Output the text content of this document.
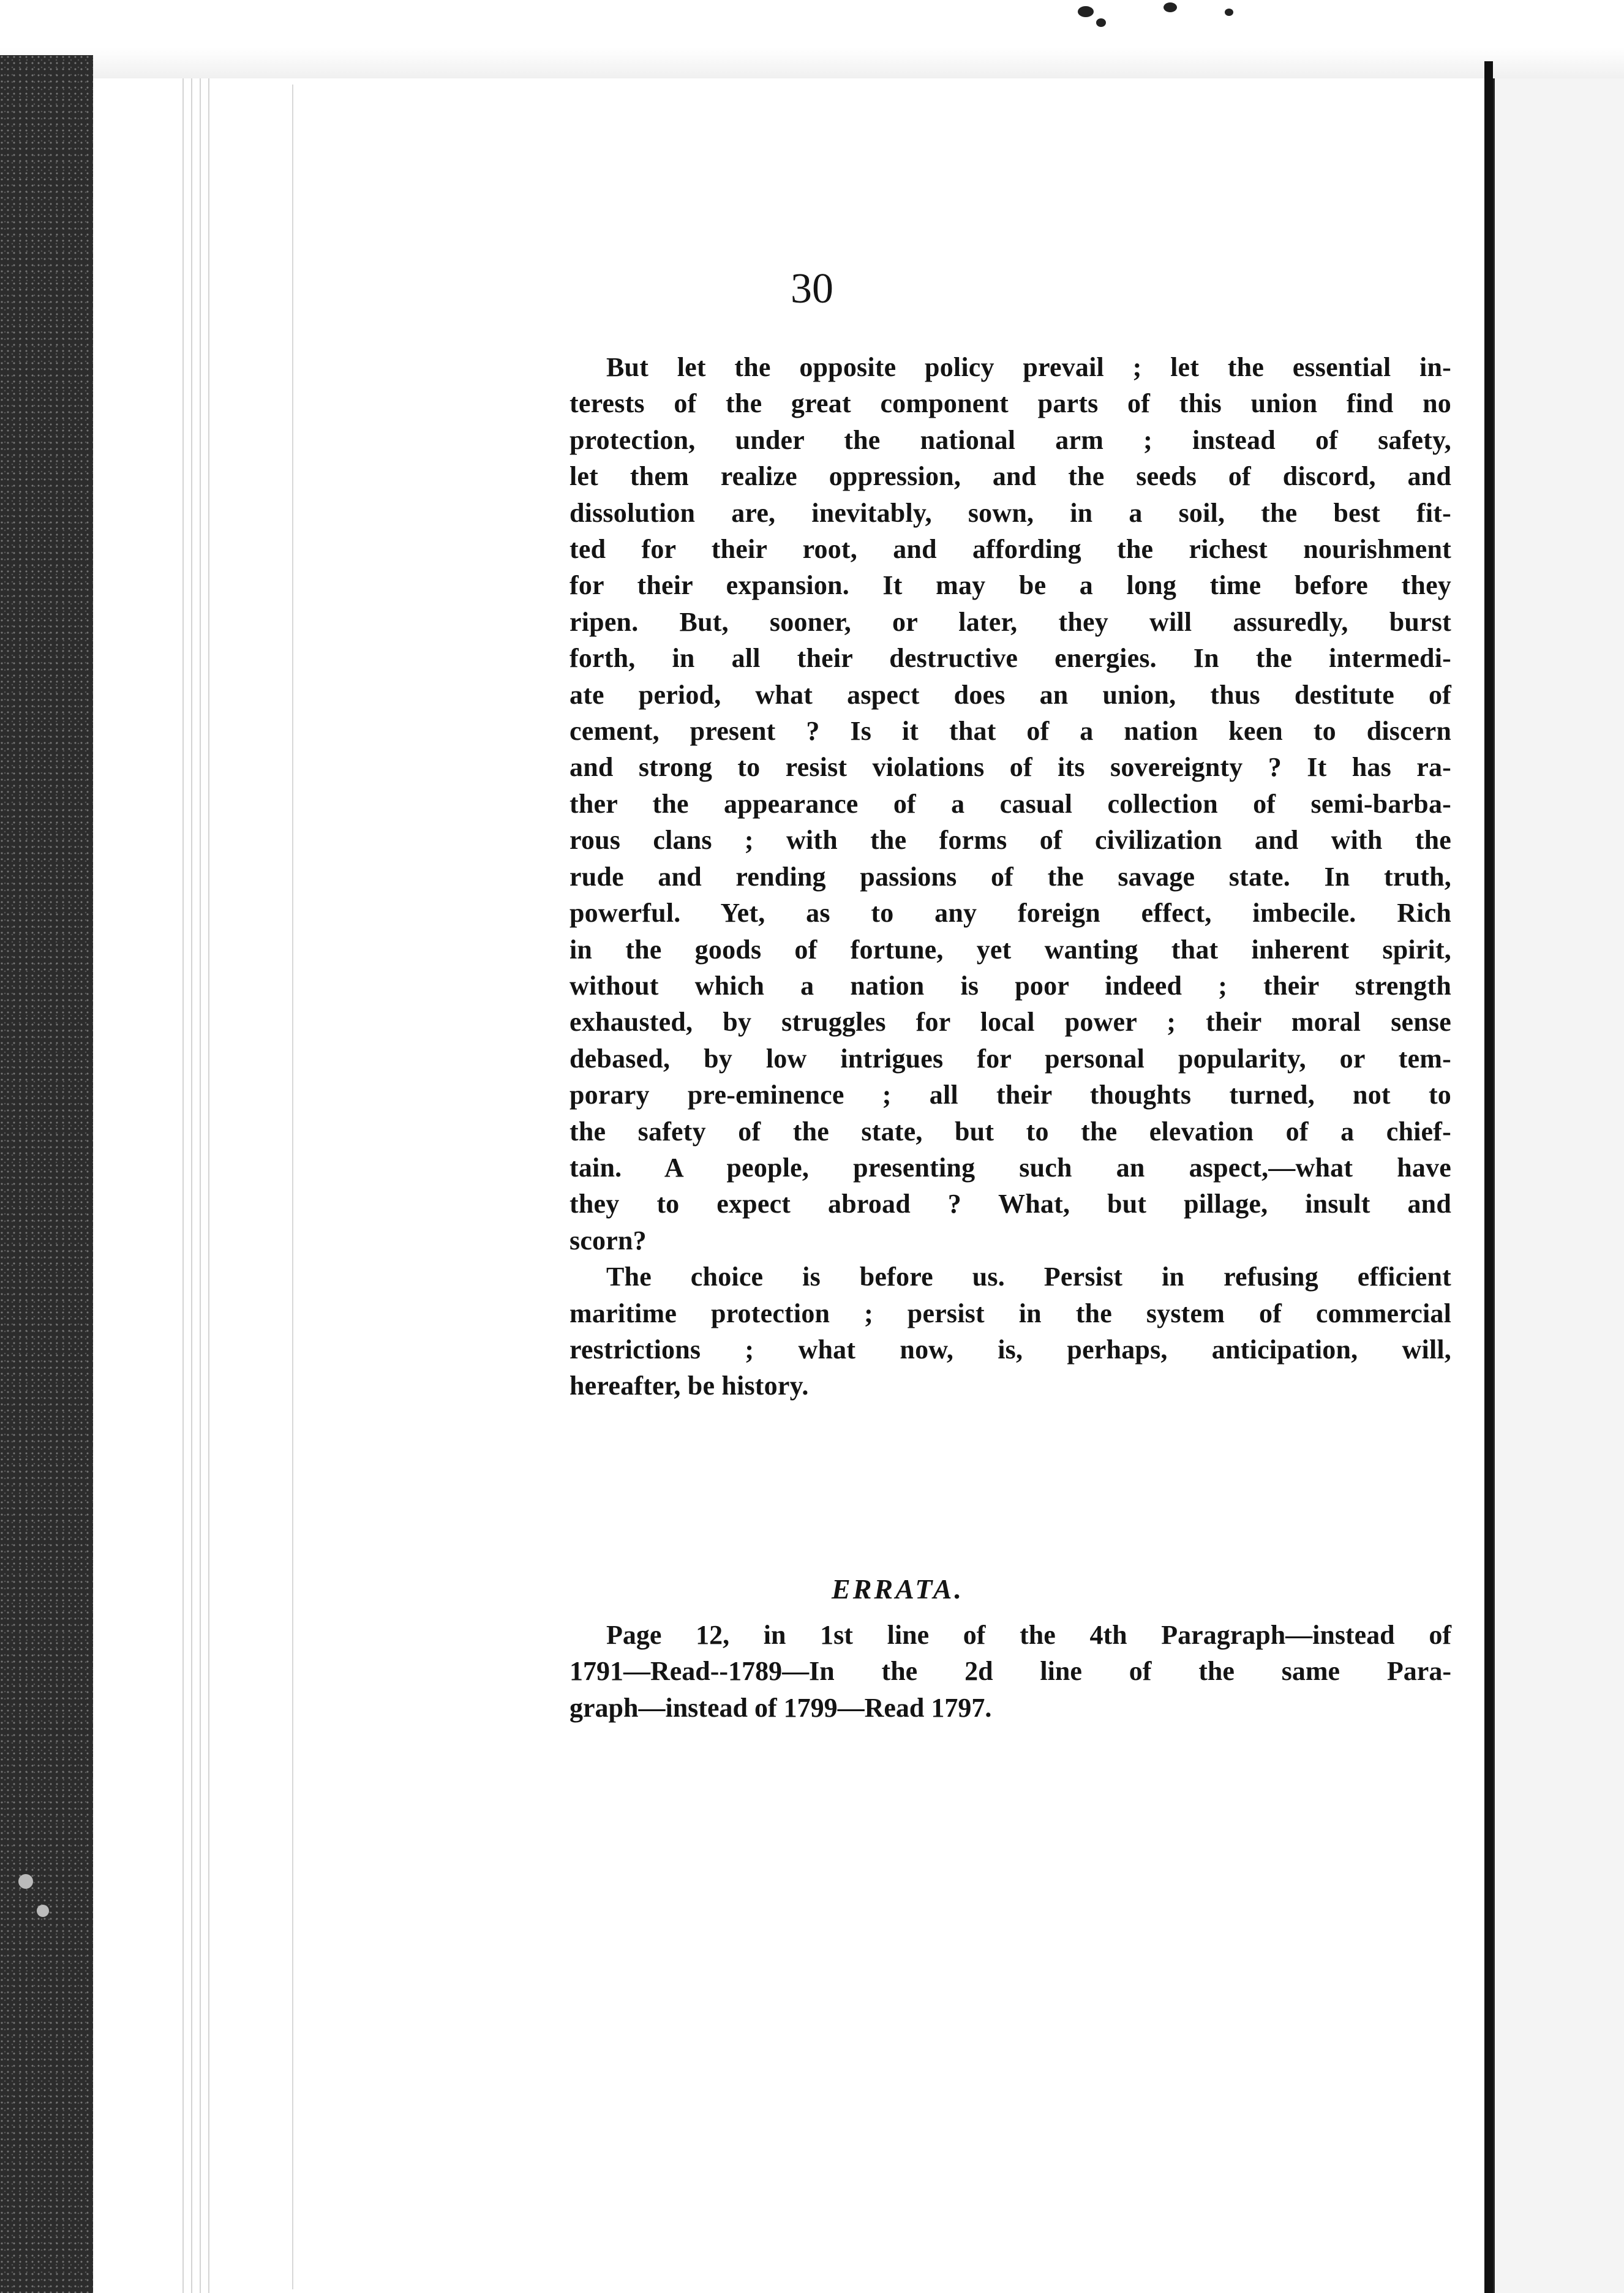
30
But let the opposite policy prevail ; let the essential in-
terests of the great component parts of this union find no
protection, under the national arm ; instead of safety,
let them realize oppression, and the seeds of discord, and
dissolution are, inevitably, sown, in a soil, the best fit-
ted for their root, and affording the richest nourishment
for their expansion. It may be a long time before they
ripen. But, sooner, or later, they will assuredly, burst
forth, in all their destructive energies. In the intermedi-
ate period, what aspect does an union, thus destitute of
cement, present ? Is it that of a nation keen to discern
and strong to resist violations of its sovereignty ? It has ra-
ther the appearance of a casual collection of semi-barba-
rous clans ; with the forms of civilization and with the
rude and rending passions of the savage state. In truth,
powerful. Yet, as to any foreign effect, imbecile. Rich
in the goods of fortune, yet wanting that inherent spirit,
without which a nation is poor indeed ; their strength
exhausted, by struggles for local power ; their moral sense
debased, by low intrigues for personal popularity, or tem-
porary pre-eminence ; all their thoughts turned, not to
the safety of the state, but to the elevation of a chief-
tain. A people, presenting such an aspect,—what have
they to expect abroad ? What, but pillage, insult and
scorn?
The choice is before us. Persist in refusing efficient
maritime protection ; persist in the system of commercial
restrictions ; what now, is, perhaps, anticipation, will,
hereafter, be history.
ERRATA.
Page 12, in 1st line of the 4th Paragraph—instead of
1791—Read--1789—In the 2d line of the same Para-
graph—instead of 1799—Read 1797.
